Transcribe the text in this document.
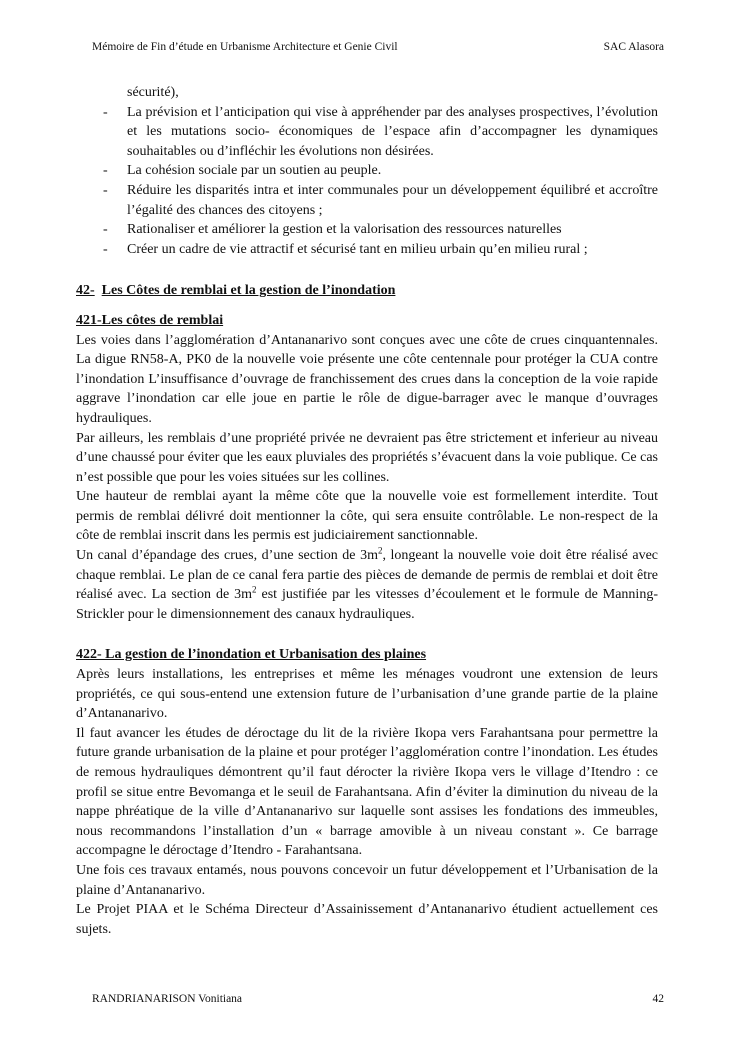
Mémoire de Fin d’étude en Urbanisme Architecture et Genie Civil	SAC Alasora

sécurité),

-	La prévision et l’anticipation qui vise à appréhender par des analyses prospectives, l’évolution et les mutations socio- économiques de l’espace afin d’accompagner les dynamiques souhaitables ou d’infléchir les évolutions non désirées.
-	La cohésion sociale par un soutien au peuple.
-	Réduire les disparités intra et inter communales pour un développement équilibré et accroître l’égalité des chances des citoyens ;
-	Rationaliser et améliorer la gestion et la valorisation des ressources naturelles
-	Créer un cadre de vie attractif et sécurisé tant en milieu urbain qu’en milieu rural ;
42- Les Côtes de remblai et la gestion de l’inondation

421-Les côtes de remblai

Les voies dans l’agglomération d’Antananarivo sont conçues avec une côte de crues cinquantennales. La digue RN58-A, PK0 de la nouvelle voie présente une côte centennale pour protéger la CUA contre l’inondation L’insuffisance d’ouvrage de franchissement des crues dans la conception de la voie rapide aggrave l’inondation car elle joue en partie le rôle de digue-barrager avec le manque d’ouvrages hydrauliques.

Par ailleurs, les remblais d’une propriété privée ne devraient pas être strictement et inferieur au niveau d’une chaussé pour éviter que les eaux pluviales des propriétés s’évacuent dans la voie publique. Ce cas n’est possible que pour les voies situées sur les collines.

Une hauteur de remblai ayant la même côte que la nouvelle voie est formellement interdite. Tout permis de remblai délivré doit mentionner la côte, qui sera ensuite contrôlable. Le non-respect de la côte de remblai inscrit dans les permis est judiciairement sanctionnable.

Un canal d’épandage des crues, d’une section de $3m^2$, longeant la nouvelle voie doit être réalisé avec chaque remblai. Le plan de ce canal fera partie des pièces de demande de permis de remblai et doit être réalisé avec. La section de $3m^2$ est justifiée par les vitesses d’écoulement et le formule de Manning-Strickler pour le dimensionnement des canaux hydrauliques.

422- La gestion de l’inondation et Urbanisation des plaines

Après leurs installations, les entreprises et même les ménages voudront une extension de leurs propriétés, ce qui sous-entend une extension future de l’urbanisation d’une grande partie de la plaine d’Antananarivo.

Il faut avancer les études de déroctage du lit de la rivière Ikopa vers Farahantsana pour permettre la future grande urbanisation de la plaine et pour protéger l’agglomération contre l’inondation. Les études de remous hydrauliques démontrent qu’il faut dérocter la rivière Ikopa vers le village d’Itendro : ce profil se situe entre Bevomanga et le seuil de Farahantsana. Afin d’éviter la diminution du niveau de la nappe phréatique de la ville d’Antananarivo sur laquelle sont assises les fondations des immeubles, nous recommandons l’installation d’un « barrage amovible à un niveau constant ». Ce barrage accompagne le déroctage d’Itendro - Farahantsana.

Une fois ces travaux entamés, nous pouvons concevoir un futur développement et l’Urbanisation de la plaine d’Antananarivo.

Le Projet PIAA et le Schéma Directeur d’Assainissement d’Antananarivo étudient actuellement ces sujets.

RANDRIANARISON Vonitiana	42
